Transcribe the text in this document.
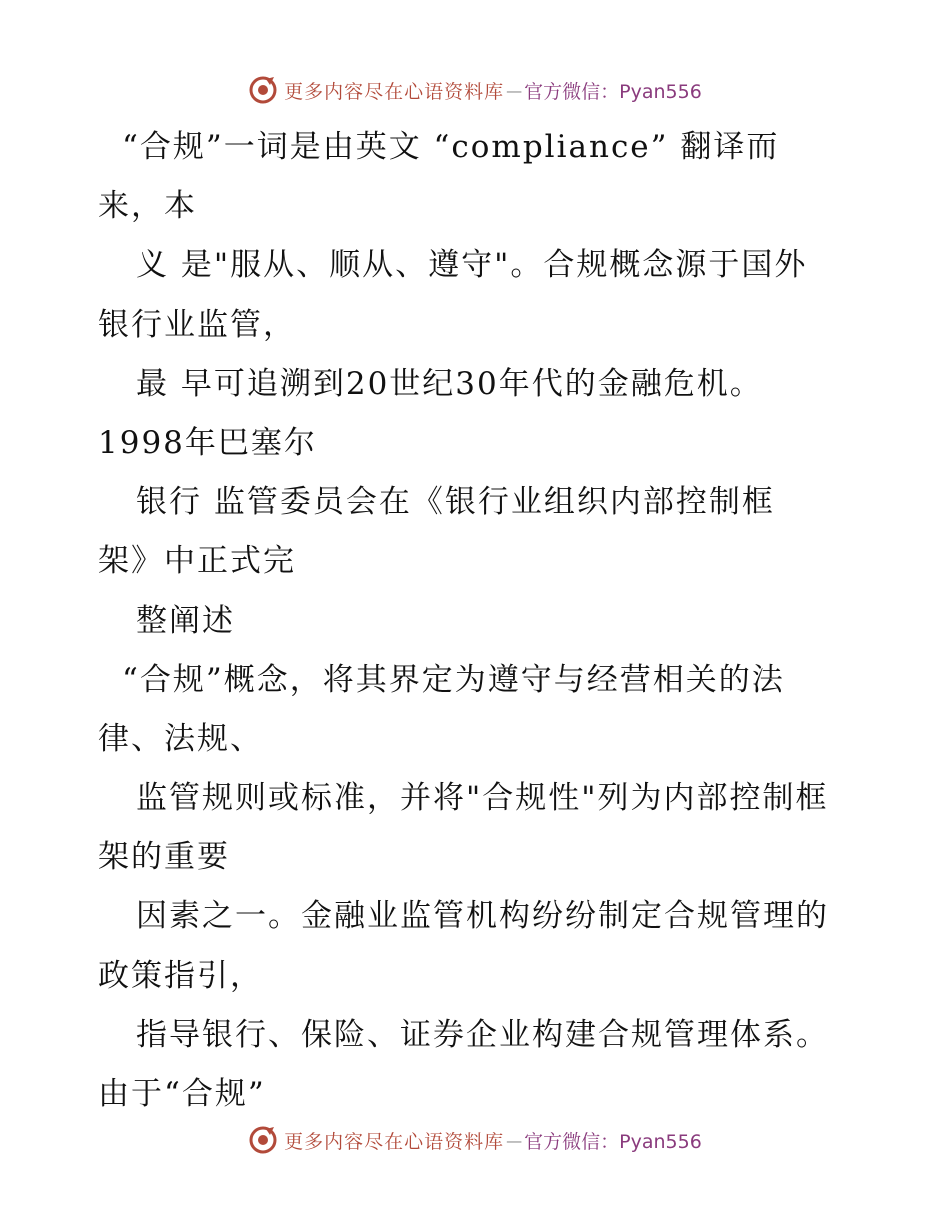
更多内容尽在心语资料库 — 官方微信：Pyan556
“合规”一词是由英文 “compliance” 翻译而
来，本
义 是"服从、顺从、遵守"。合规概念源于国外
银行业监管，
最 早可追溯到20世纪30年代的金融危机。
1998年巴塞尔
银行 监管委员会在《银行业组织内部控制框
架》中正式完
整阐述
“合规”概念，将其界定为遵守与经营相关的法
律、法规、
监管规则或标准，并将"合规性"列为内部控制框
架的重要
因素之一。金融业监管机构纷纷制定合规管理的
政策指引，
指导银行、保险、证券企业构建合规管理体系。
由于“合规”
更多内容尽在心语资料库 — 官方微信：Pyan556
